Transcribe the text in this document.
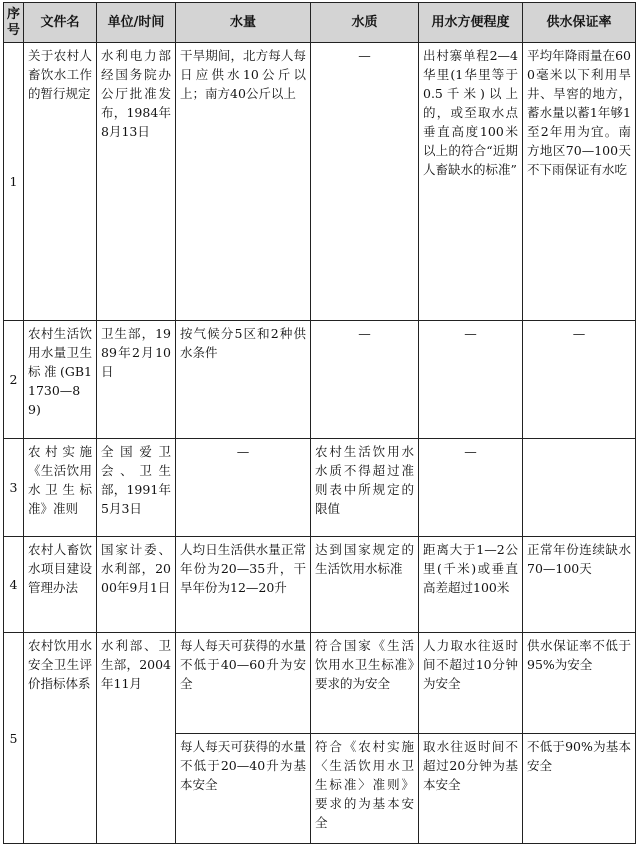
序号	文件名	单位/时间	水量	水质	用水方便程度	供水保证率
1	关于农村人畜饮水工作的暂行规定	水利电力部经国务院办公厅批准发布，1984年8月13日	干旱期间，北方每人每日应供水10公斤以上；南方40公斤以上	—	出村寨单程2—4华里(1华里等于0.5千米)以上的，或至取水点垂直高度100米以上的符合“近期人畜缺水的标准”	平均年降雨量在600毫米以下利用旱井、旱窖的地方，蓄水量以蓄1年够1至2年用为宜。南方地区70—100天不下雨保证有水吃
2	农村生活饮用水量卫生标准(GB11730—89)	卫生部，1989年2月10日	按气候分5区和2种供水条件	—	—	—
3	农村实施《生活饮用水卫生标准》准则	全国爱卫会、卫生部，1991年5月3日	—	农村生活饮用水水质不得超过准则表中所规定的限值	—	
4	农村人畜饮水项目建设管理办法	国家计委、水利部，2000年9月1日	人均日生活供水量正常年份为20—35升，干旱年份为12—20升	达到国家规定的生活饮用水标准	距离大于1—2公里(千米)或垂直高差超过100米	正常年份连续缺水70—100天
5	农村饮用水安全卫生评价指标体系	水利部、卫生部，2004年11月	每人每天可获得的水量不低于40—60升为安全	符合国家《生活饮用水卫生标准》要求的为安全	人力取水往返时间不超过10分钟为安全	供水保证率不低于95%为安全
			每人每天可获得的水量不低于20—40升为基本安全	符合《农村实施〈生活饮用水卫生标准〉准则》要求的为基本安全	取水往返时间不超过20分钟为基本安全	不低于90%为基本安全
